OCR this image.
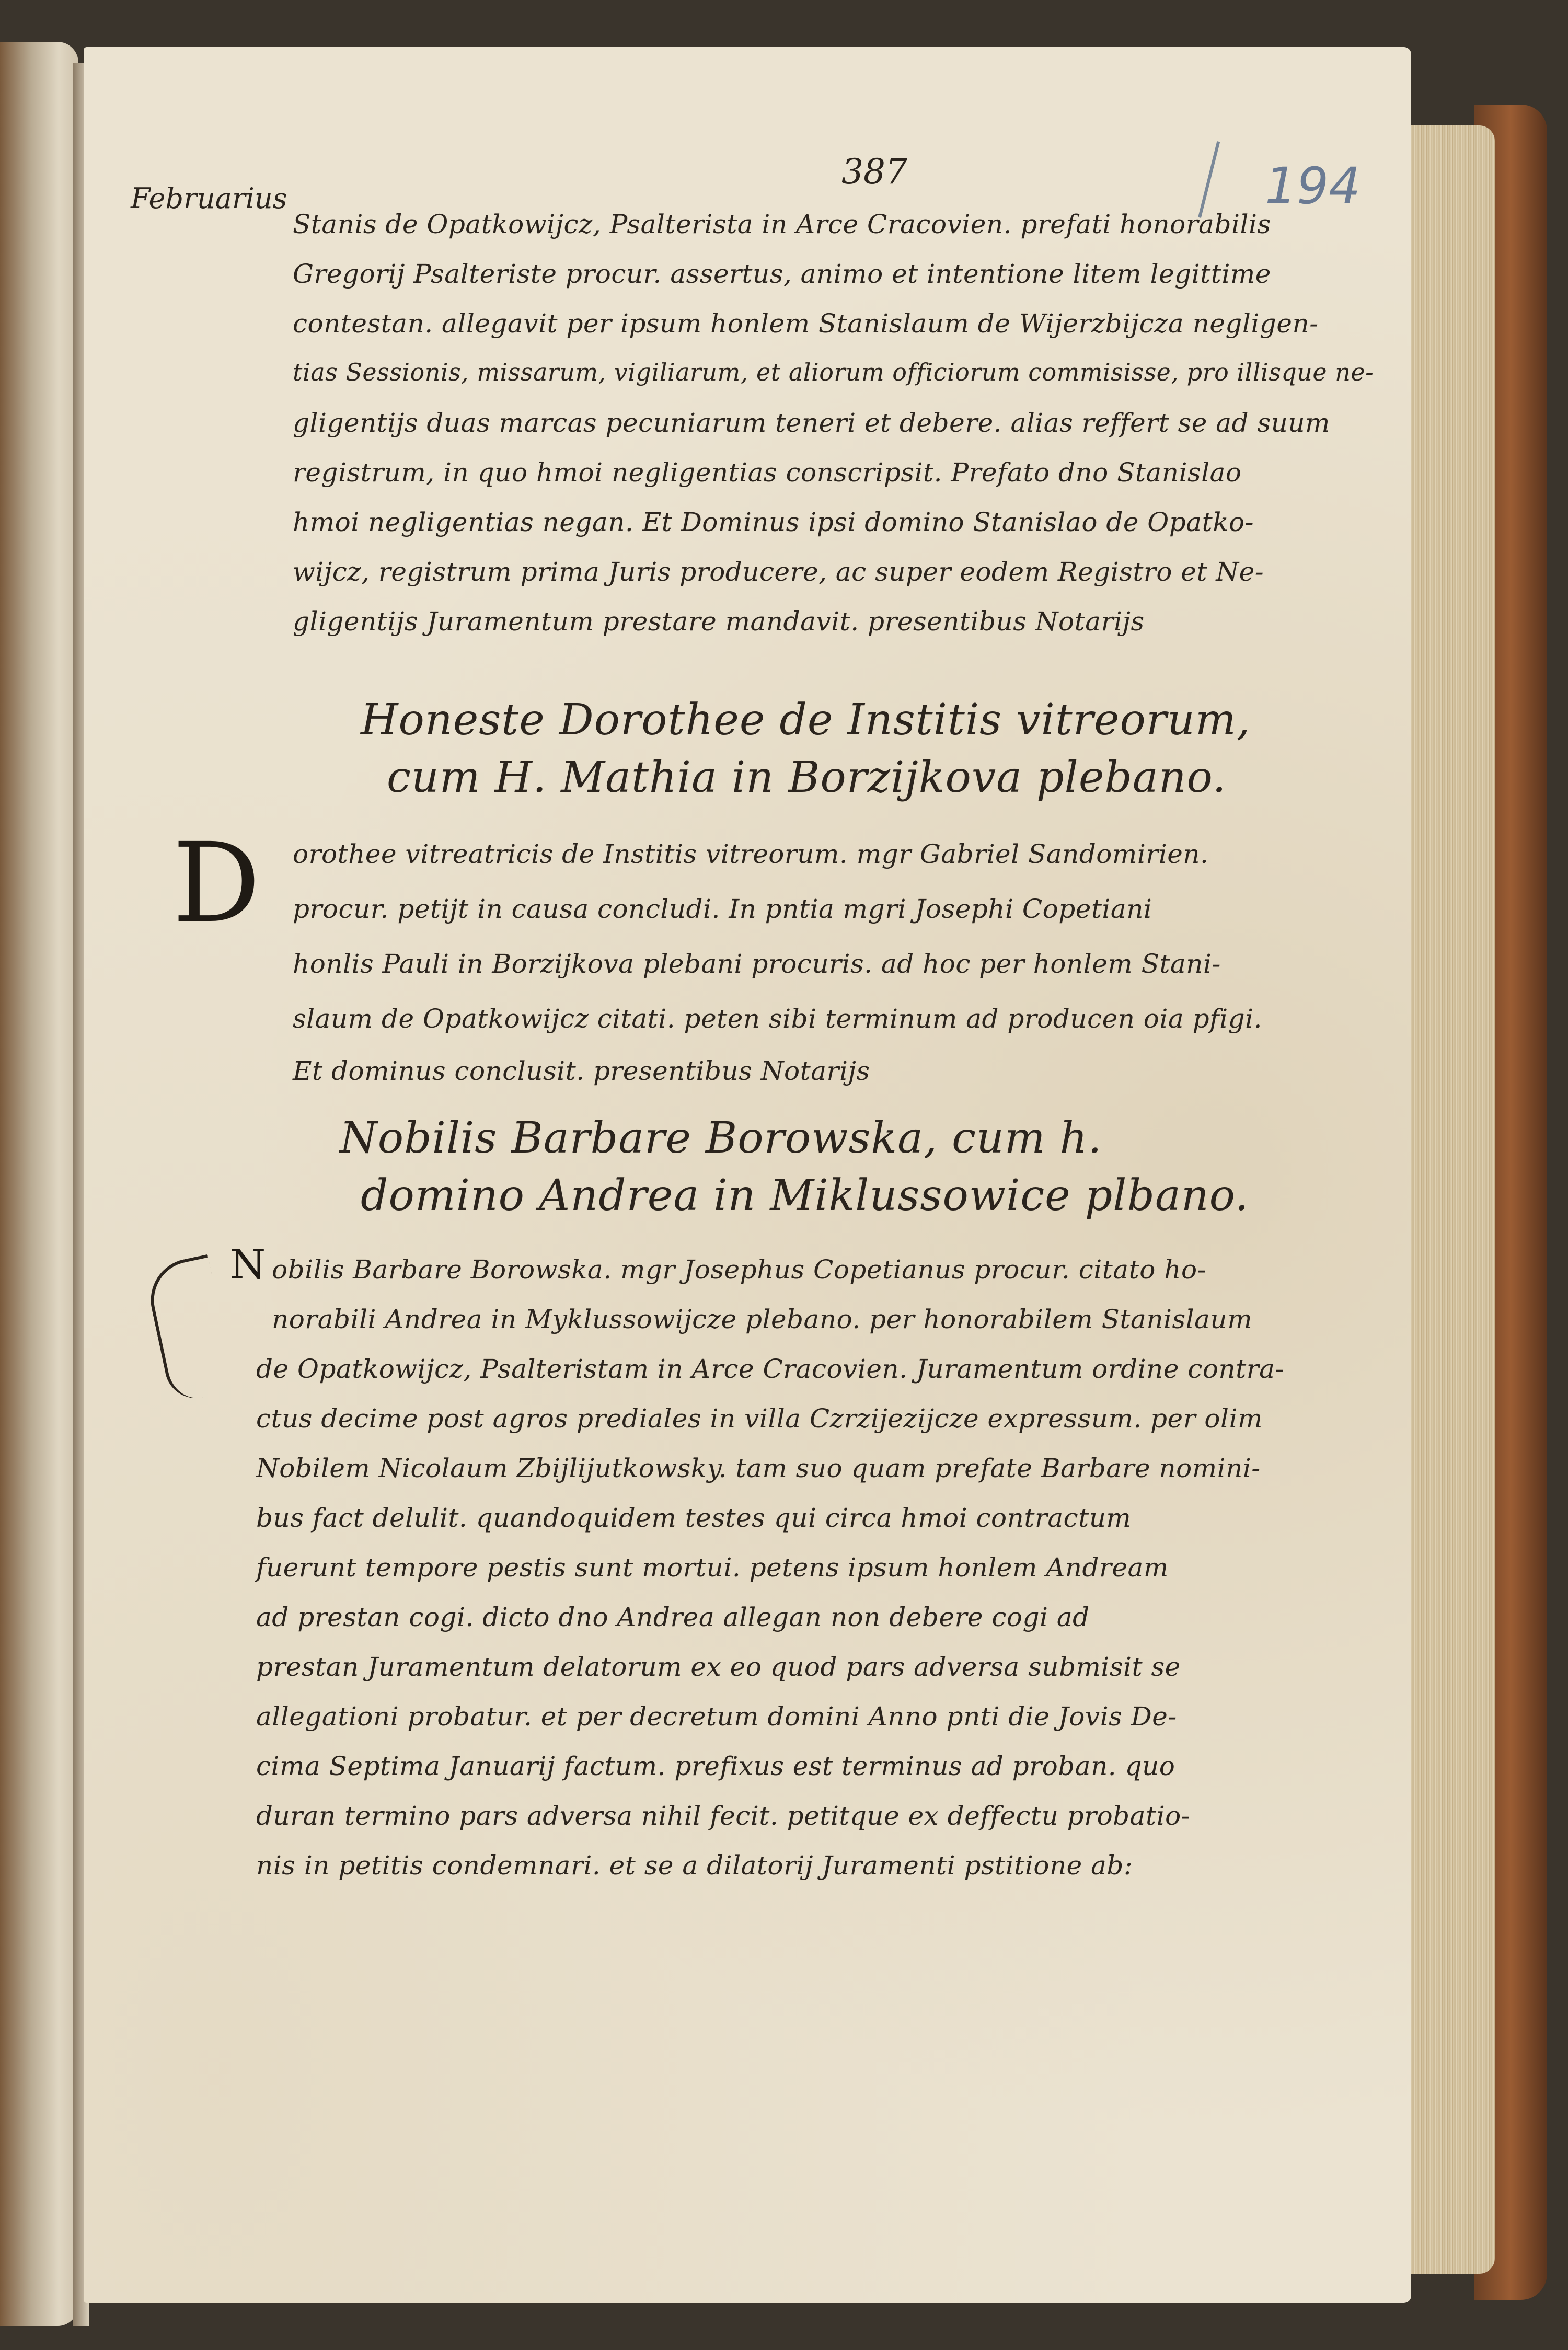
387	194
Februarius
Stanis de Opatkowijcz, Psalterista in Arce Cracovien. prefati honorabilis
Gregorij Psalteriste procur. assertus, animo et intentione litem legittime
contestan. allegavit per ipsum honlem Stanislaum de Wijerzbijcza negligen-
tias Sessionis, missarum, vigiliarum, et aliorum officiorum commisisse, pro illisque ne-
gligentijs duas marcas pecuniarum teneri et debere. alias reffert se ad suum
registrum, in quo hmoi negligentias conscripsit. Prefato dno Stanislao
hmoi negligentias negan. Et Dominus ipsi domino Stanislao de Opatko-
wijcz, registrum prima Juris producere, ac super eodem Registro et Ne-
gligentijs Juramentum prestare mandavit. presentibus Notarijs
Honeste Dorothee de Institis vitreorum,
cum H. Mathia in Borzijkova plebano.
D orothee vitreatricis de Institis vitreorum. mgr Gabriel Sandomirien.
procur. petijt in causa concludi. In pntia mgri Josephi Copetiani
honlis Pauli in Borzijkova plebani procuris. ad hoc per honlem Stani-
slaum de Opatkowijcz citati. peten sibi terminum ad producen oia pfigi.
Et dominus conclusit. presentibus Notarijs
Nobilis Barbare Borowska, cum h.
domino Andrea in Miklussowice plbano.
N obilis Barbare Borowska. mgr Josephus Copetianus procur. citato ho-
norabili Andrea in Myklussowijcze plebano. per honorabilem Stanislaum
de Opatkowijcz, Psalteristam in Arce Cracovien. Juramentum ordine contra-
ctus decime post agros prediales in villa Czrzijezijcze expressum. per olim
Nobilem Nicolaum Zbijlijutkowsky. tam suo quam prefate Barbare nomini-
bus fact delulit. quandoquidem testes qui circa hmoi contractum
fuerunt tempore pestis sunt mortui. petens ipsum honlem Andream
ad prestan cogi. dicto dno Andrea allegan non debere cogi ad
prestan Juramentum delatorum ex eo quod pars adversa submisit se
allegationi probatur. et per decretum domini Anno pnti die Jovis De-
cima Septima Januarij factum. prefixus est terminus ad proban. quo
duran termino pars adversa nihil fecit. petitque ex deffectu probatio-
nis in petitis condemnari. et se a dilatorij Juramenti pstitione ab:
